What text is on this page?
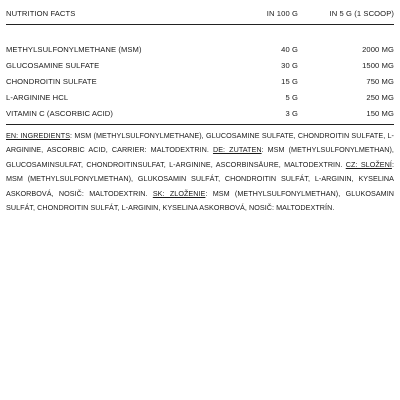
NUTRITION FACTS	IN 100 G	IN 5 G (1 SCOOP)
METHYLSULFONYLMETHANE (MSM)	40 G	2000 MG
GLUCOSAMINE SULFATE	30 G	1500 MG
CHONDROITIN SULFATE	15 G	750 MG
L-ARGININE HCL	5 G	250 MG
VITAMIN C (ASCORBIC ACID)	3 G	150 MG
EN: INGREDIENTS: MSM (METHYLSULFONYLMETHANE), GLUCOSAMINE SULFATE, CHONDROITIN SULFATE, L-ARGININE, ASCORBIC ACID, CARRIER: MALTODEXTRIN. DE: ZUTATEN: MSM (METHYLSULFONYLMETHAN), GLUCOSAMINSULFAT, CHONDROITINSULFAT, L-ARGININE, ASCORBINSÄURE, MALTODEXTRIN. CZ: SLOŽENÍ: MSM (METHYLSULFONYLMETHAN), GLUKOSAMIN SULFÁT, CHONDROITIN SULFÁT, L-ARGININ, KYSELINA ASKORBOVÁ, NOSIČ: MALTODEXTRIN. SK: ZLOŽENIE: MSM (METHYLSULFONYLMETHAN), GLUKOSAMIN SULFÁT, CHONDROITIN SULFÁT, L-ARGININ, KYSELINA ASKORBOVÁ, NOSIČ: MALTODEXTRÍN.
